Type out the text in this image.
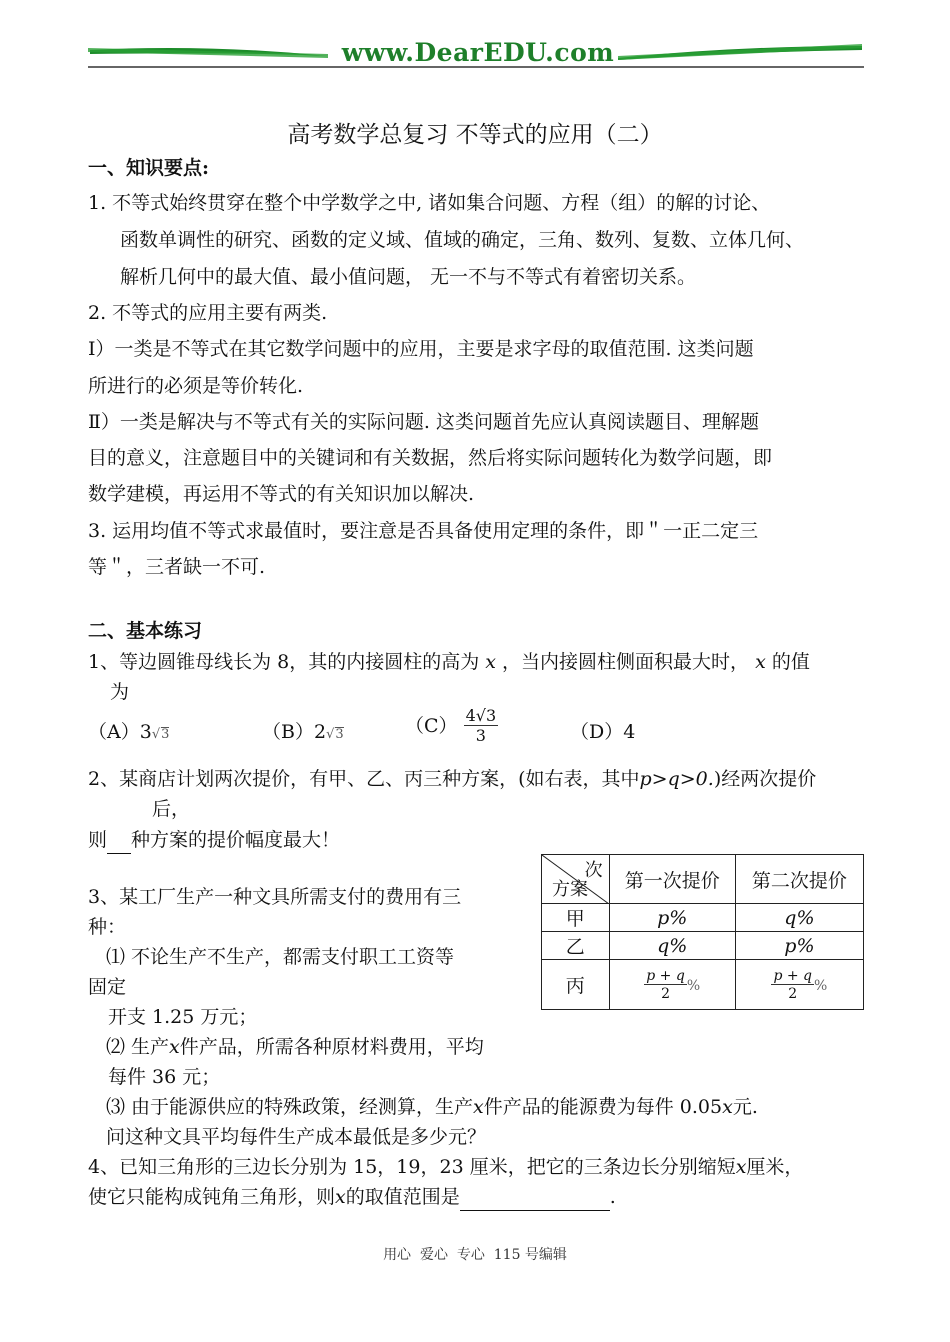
www.DearEDU.com
高考数学总复习 不等式的应用（二）
一、知识要点:
1. 不等式始终贯穿在整个中学数学之中, 诸如集合问题、方程（组）的解的讨论、
函数单调性的研究、函数的定义域、值域的确定，三角、数列、复数、立体几何、
解析几何中的最大值、最小值问题， 无一不与不等式有着密切关系。
2. 不等式的应用主要有两类.
Ⅰ）一类是不等式在其它数学问题中的应用，主要是求字母的取值范围. 这类问题
所进行的必须是等价转化.
Ⅱ）一类是解决与不等式有关的实际问题. 这类问题首先应认真阅读题目、理解题
目的意义，注意题目中的关键词和有关数据，然后将实际问题转化为数学问题，即
数学建模，再运用不等式的有关知识加以解决.
3. 运用均值不等式求最值时，要注意是否具备使用定理的条件，即＂一正二定三
等＂，三者缺一不可.
二、基本练习
1、等边圆锥母线长为 8，其的内接圆柱的高为 x ，当内接圆柱侧面积最大时， x 的值
为
（A）3√3	（B）2√3	$(C) \frac{4√3}{3}$	（D）4
2、某商店计划两次提价，有甲、乙、丙三种方案，(如右表，其中p>q>0.)经两次提价
后，
则 种方案的提价幅度最大！
次
方案	第一次提价	第二次提价
甲	p%	q%
乙	q%	p%
丙	$\frac{p + q}{2}$ %	$\frac{p + q}{2}$ %
3、某工厂生产一种文具所需支付的费用有三
种：
⑴ 不论生产不生产，都需支付职工工资等
固定
开支 1.25 万元；
⑵ 生产x件产品，所需各种原材料费用，平均
每件 36 元；
⑶ 由于能源供应的特殊政策，经测算，生产x件产品的能源费为每件 0.05x元.
问这种文具平均每件生产成本最低是多少元？
4、已知三角形的三边长分别为 15，19，23 厘米，把它的三条边长分别缩短x厘米，
使它只能构成钝角三角形，则x的取值范围是	.
用心  爱心  专心  115 号编辑
